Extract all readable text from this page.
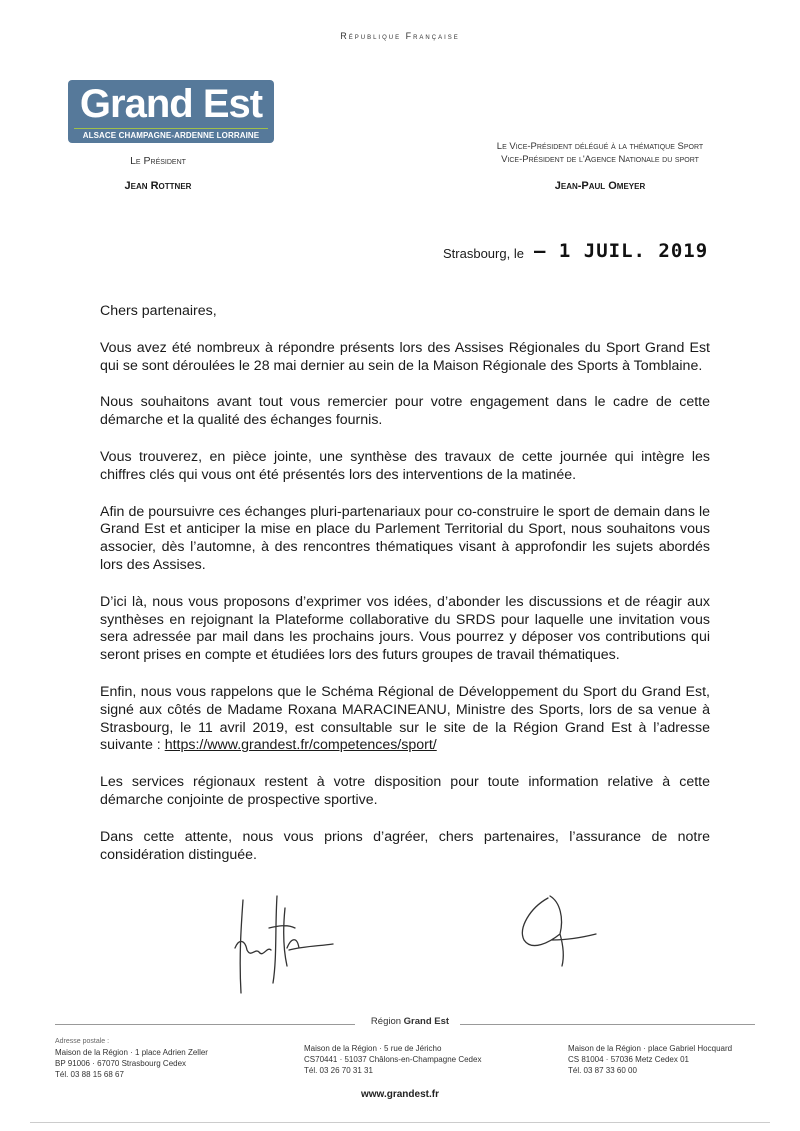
République Française
Grand Est
ALSACE CHAMPAGNE-ARDENNE LORRAINE
Le Président
Jean Rottner
Le Vice-Président délégué à la thématique Sport
Vice-Président de l'Agence Nationale du sport
Jean-Paul Omeyer
Strasbourg, le – 1 JUIL. 2019

Chers partenaires,

Vous avez été nombreux à répondre présents lors des Assises Régionales du Sport Grand Est qui se sont déroulées le 28 mai dernier au sein de la Maison Régionale des Sports à Tomblaine.

Nous souhaitons avant tout vous remercier pour votre engagement dans le cadre de cette démarche et la qualité des échanges fournis.

Vous trouverez, en pièce jointe, une synthèse des travaux de cette journée qui intègre les chiffres clés qui vous ont été présentés lors des interventions de la matinée.

Afin de poursuivre ces échanges pluri-partenariaux pour co-construire le sport de demain dans le Grand Est et anticiper la mise en place du Parlement Territorial du Sport, nous souhaitons vous associer, dès l’automne, à des rencontres thématiques visant à approfondir les sujets abordés lors des Assises.

D’ici là, nous vous proposons d’exprimer vos idées, d’abonder les discussions et de réagir aux synthèses en rejoignant la Plateforme collaborative du SRDS pour laquelle une invitation vous sera adressée par mail dans les prochains jours. Vous pourrez y déposer vos contributions qui seront prises en compte et étudiées lors des futurs groupes de travail thématiques.

Enfin, nous vous rappelons que le Schéma Régional de Développement du Sport du Grand Est, signé aux côtés de Madame Roxana MARACINEANU, Ministre des Sports, lors de sa venue à Strasbourg, le 11 avril 2019, est consultable sur le site de la Région Grand Est à l’adresse suivante : https://www.grandest.fr/competences/sport/

Les services régionaux restent à votre disposition pour toute information relative à cette démarche conjointe de prospective sportive.

Dans cette attente, nous vous prions d’agréer, chers partenaires, l’assurance de notre considération distinguée.

Région Grand Est
Adresse postale :
Maison de la Région · 1 place Adrien Zeller
BP 91006 · 67070 Strasbourg Cedex
Tél. 03 88 15 68 67
Maison de la Région · 5 rue de Jéricho
CS70441 · 51037 Châlons-en-Champagne Cedex
Tél. 03 26 70 31 31
Maison de la Région · place Gabriel Hocquard
CS 81004 · 57036 Metz Cedex 01
Tél. 03 87 33 60 00
www.grandest.fr
